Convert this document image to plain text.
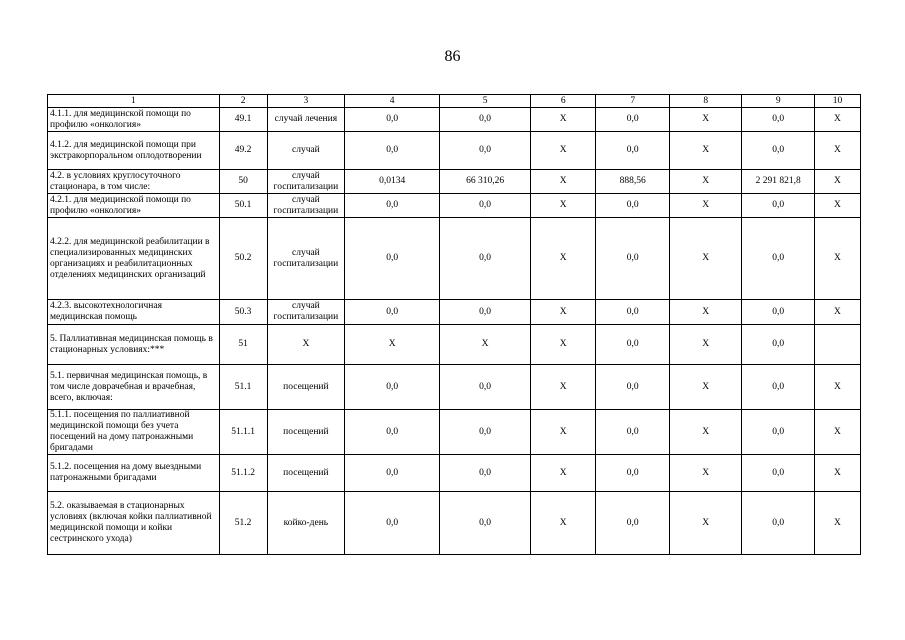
86
1	2	3	4	5	6	7	8	9	10
4.1.1. для медицинской помощи по профилю «онкология»	49.1	случай лечения	0,0	0,0	X	0,0	X	0,0	X
4.1.2. для медицинской помощи при экстракорпоральном оплодотворении	49.2	случай	0,0	0,0	X	0,0	X	0,0	X
4.2. в условиях круглосуточного стационара, в том числе:	50	случай госпитализации	0,0134	66 310,26	X	888,56	X	2 291 821,8	X
4.2.1. для медицинской помощи по профилю «онкология»	50.1	случай госпитализации	0,0	0,0	X	0,0	X	0,0	X
4.2.2. для медицинской реабилитации в специализированных медицинских организациях и реабилитационных отделениях медицинских организаций	50.2	случай госпитализации	0,0	0,0	X	0,0	X	0,0	X
4.2.3. высокотехнологичная медицинская помощь	50.3	случай госпитализации	0,0	0,0	X	0,0	X	0,0	X
5. Паллиативная медицинская помощь в стационарных условиях:***	51	X	X	X	X	0,0	X	0,0	
5.1. первичная медицинская помощь, в том числе доврачебная и врачебная, всего, включая:	51.1	посещений	0,0	0,0	X	0,0	X	0,0	X
5.1.1. посещения по паллиативной медицинской помощи без учета посещений на дому патронажными бригадами	51.1.1	посещений	0,0	0,0	X	0,0	X	0,0	X
5.1.2. посещения на дому выездными патронажными бригадами	51.1.2	посещений	0,0	0,0	X	0,0	X	0,0	X
5.2. оказываемая в стационарных условиях (включая койки паллиативной медицинской помощи и койки сестринского ухода)	51.2	койко-день	0,0	0,0	X	0,0	X	0,0	X
